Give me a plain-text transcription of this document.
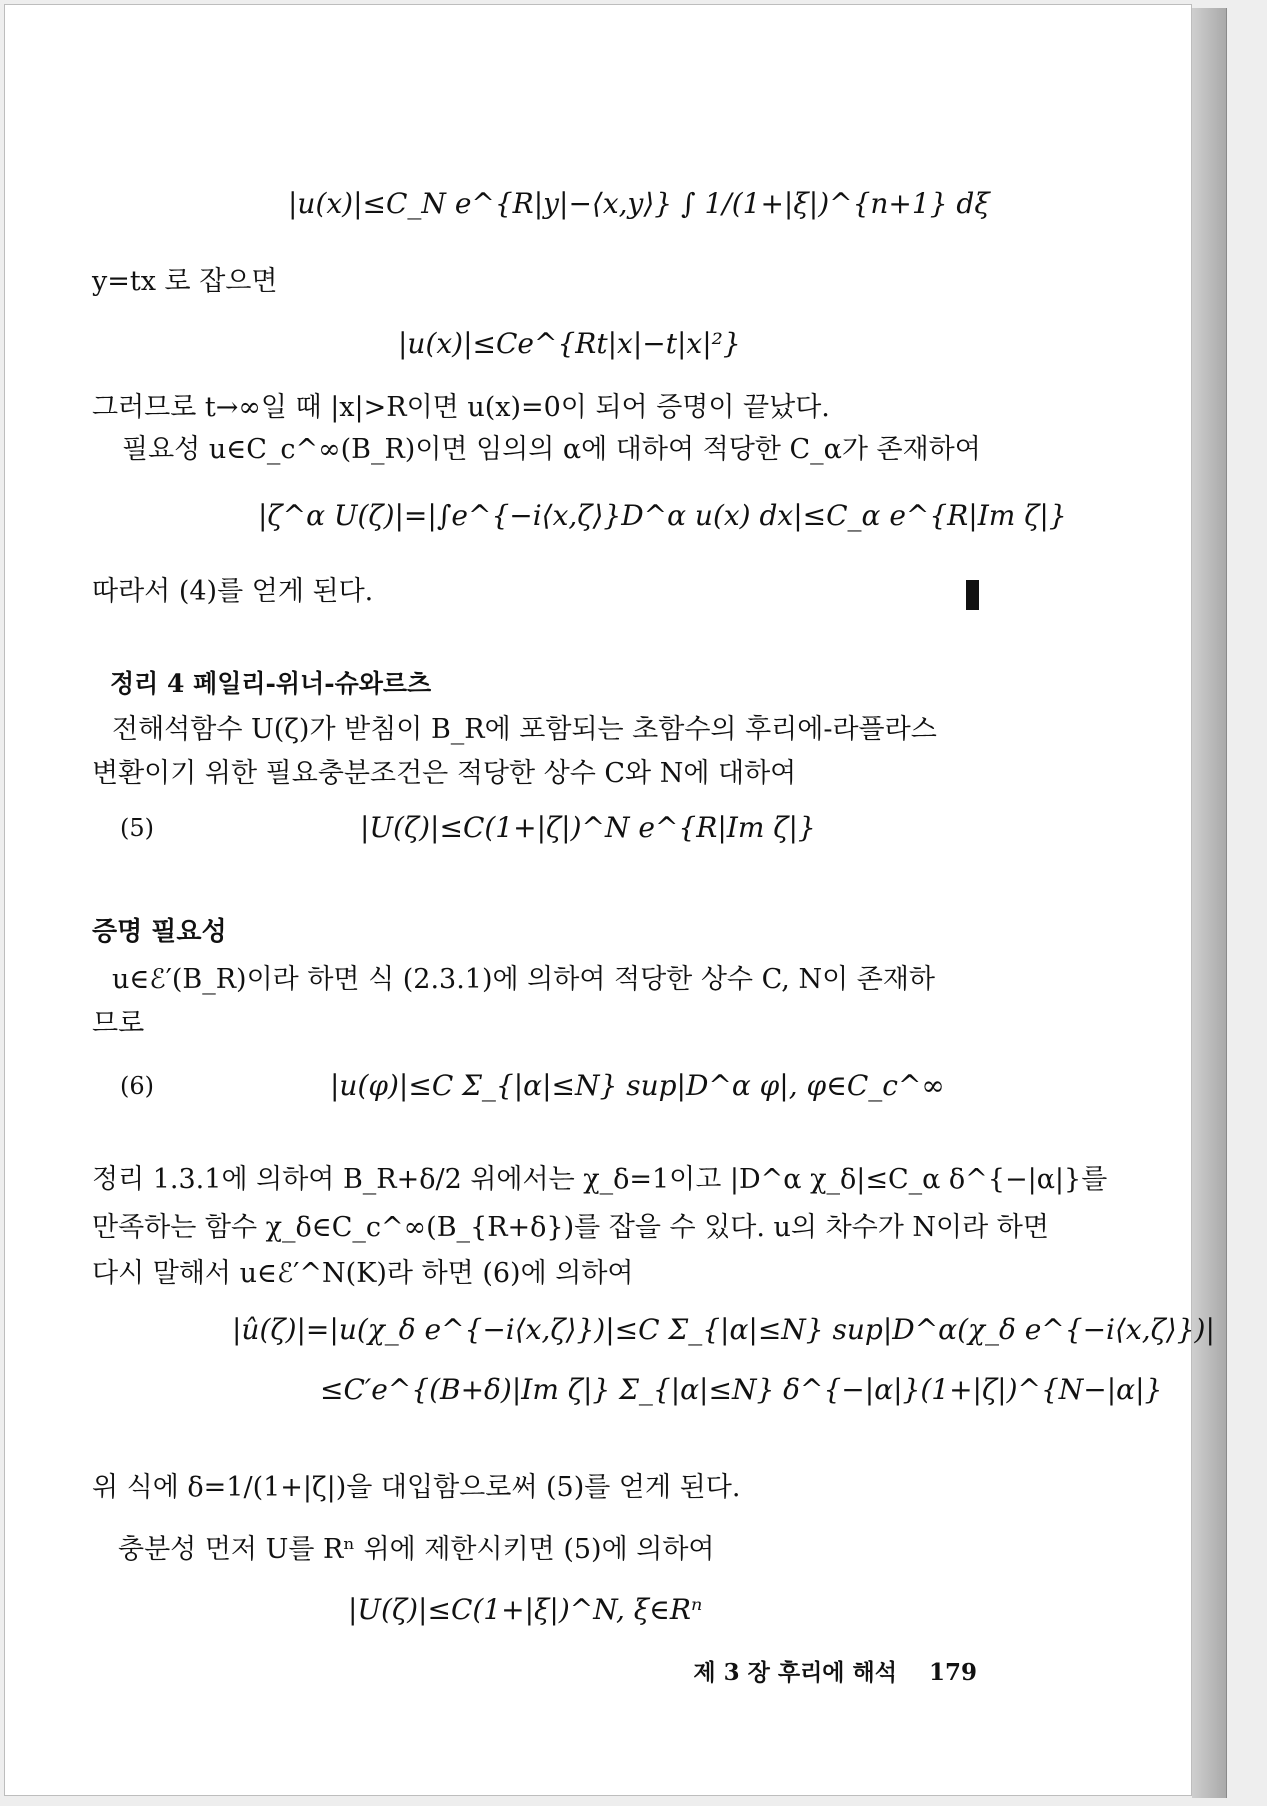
|u(x)|≤C_N e^{R|y|−⟨x,y⟩} ∫ 1/(1+|ξ|)^{n+1} dξ
y=tx 로 잡으면
|u(x)|≤Ce^{Rt|x|−t|x|²}
그러므로 t→∞일 때 |x|>R이면 u(x)=0이 되어 증명이 끝났다.
필요성 u∈C_c^∞(B_R)이면 임의의 α에 대하여 적당한 C_α가 존재하여
|ζ^α U(ζ)|=|∫e^{−i⟨x,ζ⟩}D^α u(x) dx|≤C_α e^{R|Im ζ|}
따라서 (4)를 얻게 된다.
정리 4 페일리-위너-슈와르츠
전해석함수 U(ζ)가 받침이 B_R에 포함되는 초함수의 후리에-라플라스
변환이기 위한 필요충분조건은 적당한 상수 C와 N에 대하여
(5)	|U(ζ)|≤C(1+|ζ|)^N e^{R|Im ζ|}
증명 필요성
u∈ℰ′(B_R)이라 하면 식 (2.3.1)에 의하여 적당한 상수 C, N이 존재하
므로
(6)	|u(φ)|≤C Σ_{|α|≤N} sup|D^α φ|, φ∈C_c^∞
정리 1.3.1에 의하여 B_R+δ/2 위에서는 χ_δ=1이고 |D^α χ_δ|≤C_α δ^{−|α|}를
만족하는 함수 χ_δ∈C_c^∞(B_{R+δ})를 잡을 수 있다. u의 차수가 N이라 하면
다시 말해서 u∈ℰ′^N(K)라 하면 (6)에 의하여
|û(ζ)|=|u(χ_δ e^{−i⟨x,ζ⟩})|≤C Σ_{|α|≤N} sup|D^α(χ_δ e^{−i⟨x,ζ⟩})|
≤C′e^{(B+δ)|Im ζ|} Σ_{|α|≤N} δ^{−|α|}(1+|ζ|)^{N−|α|}
위 식에 δ=1/(1+|ζ|)을 대입함으로써 (5)를 얻게 된다.
충분성 먼저 U를 Rⁿ 위에 제한시키면 (5)에 의하여
|U(ζ)|≤C(1+|ξ|)^N, ξ∈Rⁿ
제 3 장 후리에 해석 179
